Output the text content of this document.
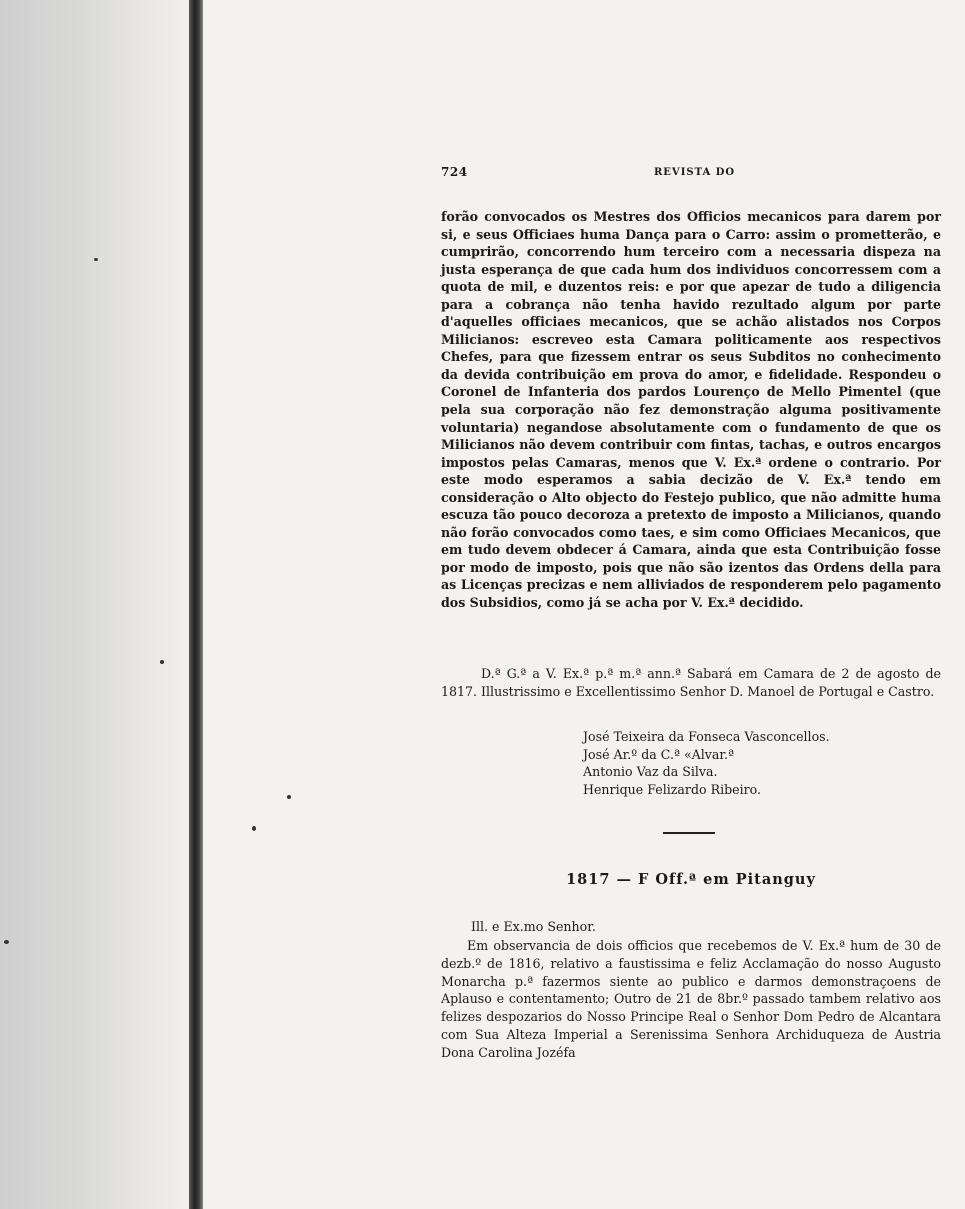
724	REVISTA DO

forão convocados os Mestres dos Officios mecanicos para darem por si, e seus Officiaes huma Dança para o Carro: assim o prometterão, e cumprirão, concorrendo hum terceiro com a necessaria dispeza na justa esperança de que cada hum dos individuos concorressem com a quota de mil, e duzentos reis: e por que apezar de tudo a diligencia para a cobrança não tenha havido rezultado algum por parte d'aquelles officiaes mecanicos, que se achão alistados nos Corpos Milicianos: escreveo esta Camara politicamente aos respectivos Chefes, para que fizessem entrar os seus Subditos no conhecimento da devida contribuição em prova do amor, e fidelidade. Respondeu o Coronel de Infanteria dos pardos Lourenço de Mello Pimentel (que pela sua corporação não fez demonstração alguma positivamente voluntaria) negandose absolutamente com o fundamento de que os Milicianos não devem contribuir com fintas, tachas, e outros encargos impostos pelas Camaras, menos que V. Ex.ª ordene o contrario. Por este modo esperamos a sabia decizão de V. Ex.ª tendo em consideração o Alto objecto do Festejo publico, que não admitte huma escuza tão pouco decoroza a pretexto de imposto a Milicianos, quando não forão convocados como taes, e sim como Officiaes Mecanicos, que em tudo devem obdecer á Camara, ainda que esta Contribuição fosse por modo de imposto, pois que não são izentos das Ordens della para as Licenças precizas e nem alliviados de responderem pelo pagamento dos Subsidios, como já se acha por V. Ex.ª decidido.

D.ª G.ª a V. Ex.ª p.ª m.ª ann.ª Sabará em Camara de 2 de agosto de 1817. Illustrissimo e Excellentissimo Senhor D. Manoel de Portugal e Castro.

José Teixeira da Fonseca Vasconcellos.
José Ar.º da C.ª «Alvar.ª
Antonio Vaz da Silva.
Henrique Felizardo Ribeiro.
1817 — F Off.ª em Pitanguy

Ill. e Ex.mo Senhor.

Em observancia de dois officios que recebemos de V. Ex.ª hum de 30 de dezb.º de 1816, relativo a faustissima e feliz Acclamação do nosso Augusto Monarcha p.ª fazermos siente ao publico e darmos demonstraçoens de Aplauso e contentamento; Outro de 21 de 8br.º passado tambem relativo aos felizes despozarios do Nosso Principe Real o Senhor Dom Pedro de Alcantara com Sua Alteza Imperial a Serenissima Senhora Archiduqueza de Austria Dona Carolina Jozéfa
